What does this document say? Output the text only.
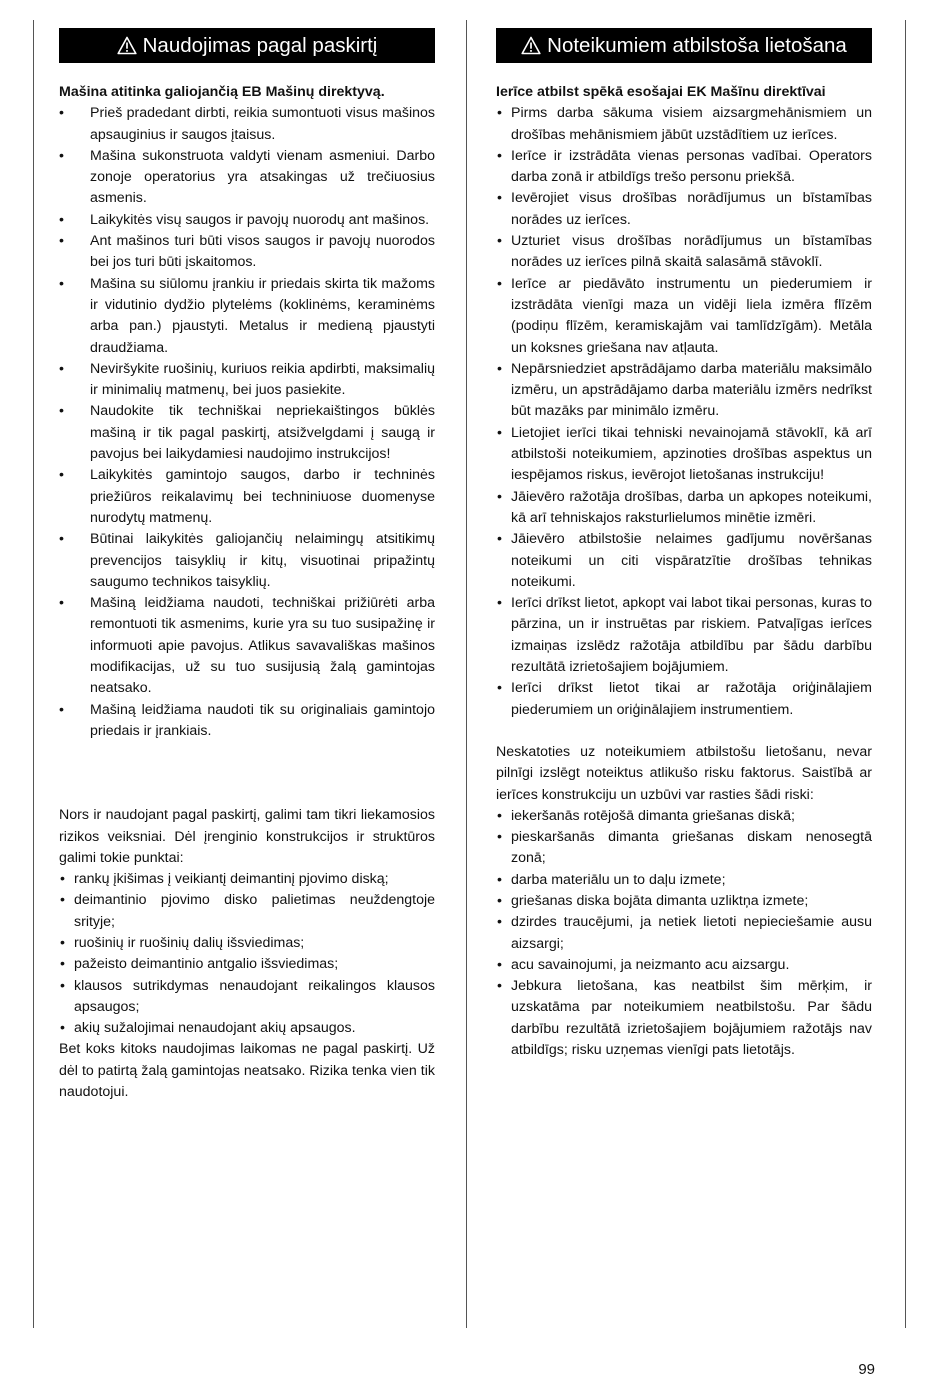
Naudojimas pagal paskirtį

Mašina atitinka galiojančią EB Mašinų direktyvą.

• Prieš pradedant dirbti, reikia sumontuoti visus mašinos apsauginius ir saugos įtaisus.
• Mašina sukonstruota valdyti vienam asmeniui. Darbo zonoje operatorius yra atsakingas už trečiuosius asmenis.
• Laikykitės visų saugos ir pavojų nuorodų ant mašinos.
• Ant mašinos turi būti visos saugos ir pavojų nuorodos bei jos turi būti įskaitomos.
• Mašina su siūlomu įrankiu ir priedais skirta tik mažoms ir vidutinio dydžio plytelėms (koklinėms, keraminėms arba pan.) pjaustyti. Metalus ir medieną pjaustyti draudžiama.
• Neviršykite ruošinių, kuriuos reikia apdirbti, maksimalių ir minimalių matmenų, bei juos pasiekite.
• Naudokite tik techniškai nepriekaištingos būklės mašiną ir tik pagal paskirtį, atsižvelgdami į saugą ir pavojus bei laikydamiesi naudojimo instrukcijos!
• Laikykitės gamintojo saugos, darbo ir techninės priežiūros reikalavimų bei techniniuose duomenyse nurodytų matmenų.
• Būtinai laikykitės galiojančių nelaimingų atsitikimų prevencijos taisyklių ir kitų, visuotinai pripažintų saugumo technikos taisyklių.
• Mašiną leidžiama naudoti, techniškai prižiūrėti arba remontuoti tik asmenims, kurie yra su tuo susipažinę ir informuoti apie pavojus. Atlikus savavališkas mašinos modifikacijas, už su tuo susijusią žalą gamintojas neatsako.
• Mašiną leidžiama naudoti tik su originaliais gamintojo priedais ir įrankiais.

Nors ir naudojant pagal paskirtį, galimi tam tikri liekamosios rizikos veiksniai. Dėl įrenginio konstrukcijos ir struktūros galimi tokie punktai:

• rankų įkišimas į veikiantį deimantinį pjovimo diską;
• deimantinio pjovimo disko palietimas neuždengtoje srityje;
• ruošinių ir ruošinių dalių išsviedimas;
• pažeisto deimantinio antgalio išsviedimas;
• klausos sutrikdymas nenaudojant reikalingos klausos apsaugos;
• akių sužalojimai nenaudojant akių apsaugos.

Bet koks kitoks naudojimas laikomas ne pagal paskirtį. Už dėl to patirtą žalą gamintojas neatsako. Rizika tenka vien tik naudotojui.

Noteikumiem atbilstoša lietošana

Ierīce atbilst spēkā esošajai EK Mašīnu direktīvai

• Pirms darba sākuma visiem aizsargmehānismiem un drošības mehānismiem jābūt uzstādītiem uz ierīces.
• Ierīce ir izstrādāta vienas personas vadībai. Operators darba zonā ir atbildīgs trešo personu priekšā.
• Ievērojiet visus drošības norādījumus un bīstamības norādes uz ierīces.
• Uzturiet visus drošības norādījumus un bīstamības norādes uz ierīces pilnā skaitā salasāmā stāvoklī.
• Ierīce ar piedāvāto instrumentu un piederumiem ir izstrādāta vienīgi maza un vidēji liela izmēra flīzēm (podiņu flīzēm, keramiskajām vai tamlīdzīgām). Metāla un koksnes griešana nav atļauta.
• Nepārsniedziet apstrādājamo darba materiālu maksimālo izmēru, un apstrādājamo darba materiālu izmērs nedrīkst būt mazāks par minimālo izmēru.
• Lietojiet ierīci tikai tehniski nevainojamā stāvoklī, kā arī atbilstoši noteikumiem, apzinoties drošības aspektus un iespējamos riskus, ievērojot lietošanas instrukciju!
• Jāievēro ražotāja drošības, darba un apkopes noteikumi, kā arī tehniskajos raksturlielumos minētie izmēri.
• Jāievēro atbilstošie nelaimes gadījumu novēršanas noteikumi un citi vispāratzītie drošības tehnikas noteikumi.
• Ierīci drīkst lietot, apkopt vai labot tikai personas, kuras to pārzina, un ir instruētas par riskiem. Patvaļīgas ierīces izmaiņas izslēdz ražotāja atbildību par šādu darbību rezultātā izrietošajiem bojājumiem.
• Ierīci drīkst lietot tikai ar ražotāja oriģinālajiem piederumiem un oriģinālajiem instrumentiem.

Neskatoties uz noteikumiem atbilstošu lietošanu, nevar pilnīgi izslēgt noteiktus atlikušo risku faktorus. Saistībā ar ierīces konstrukciju un uzbūvi var rasties šādi riski:

• iekeršanās rotējošā dimanta griešanas diskā;
• pieskaršanās dimanta griešanas diskam nenosegtā zonā;
• darba materiālu un to daļu izmete;
• griešanas diska bojāta dimanta uzliktņa izmete;
• dzirdes traucējumi, ja netiek lietoti nepieciešamie ausu aizsargi;
• acu savainojumi, ja neizmanto acu aizsargu.
• Jebkura lietošana, kas neatbilst šim mērķim, ir uzskatāma par noteikumiem neatbilstošu. Par šādu darbību rezultātā izrietošajiem bojājumiem ražotājs nav atbildīgs; risku uzņemas vienīgi pats lietotājs.
99
